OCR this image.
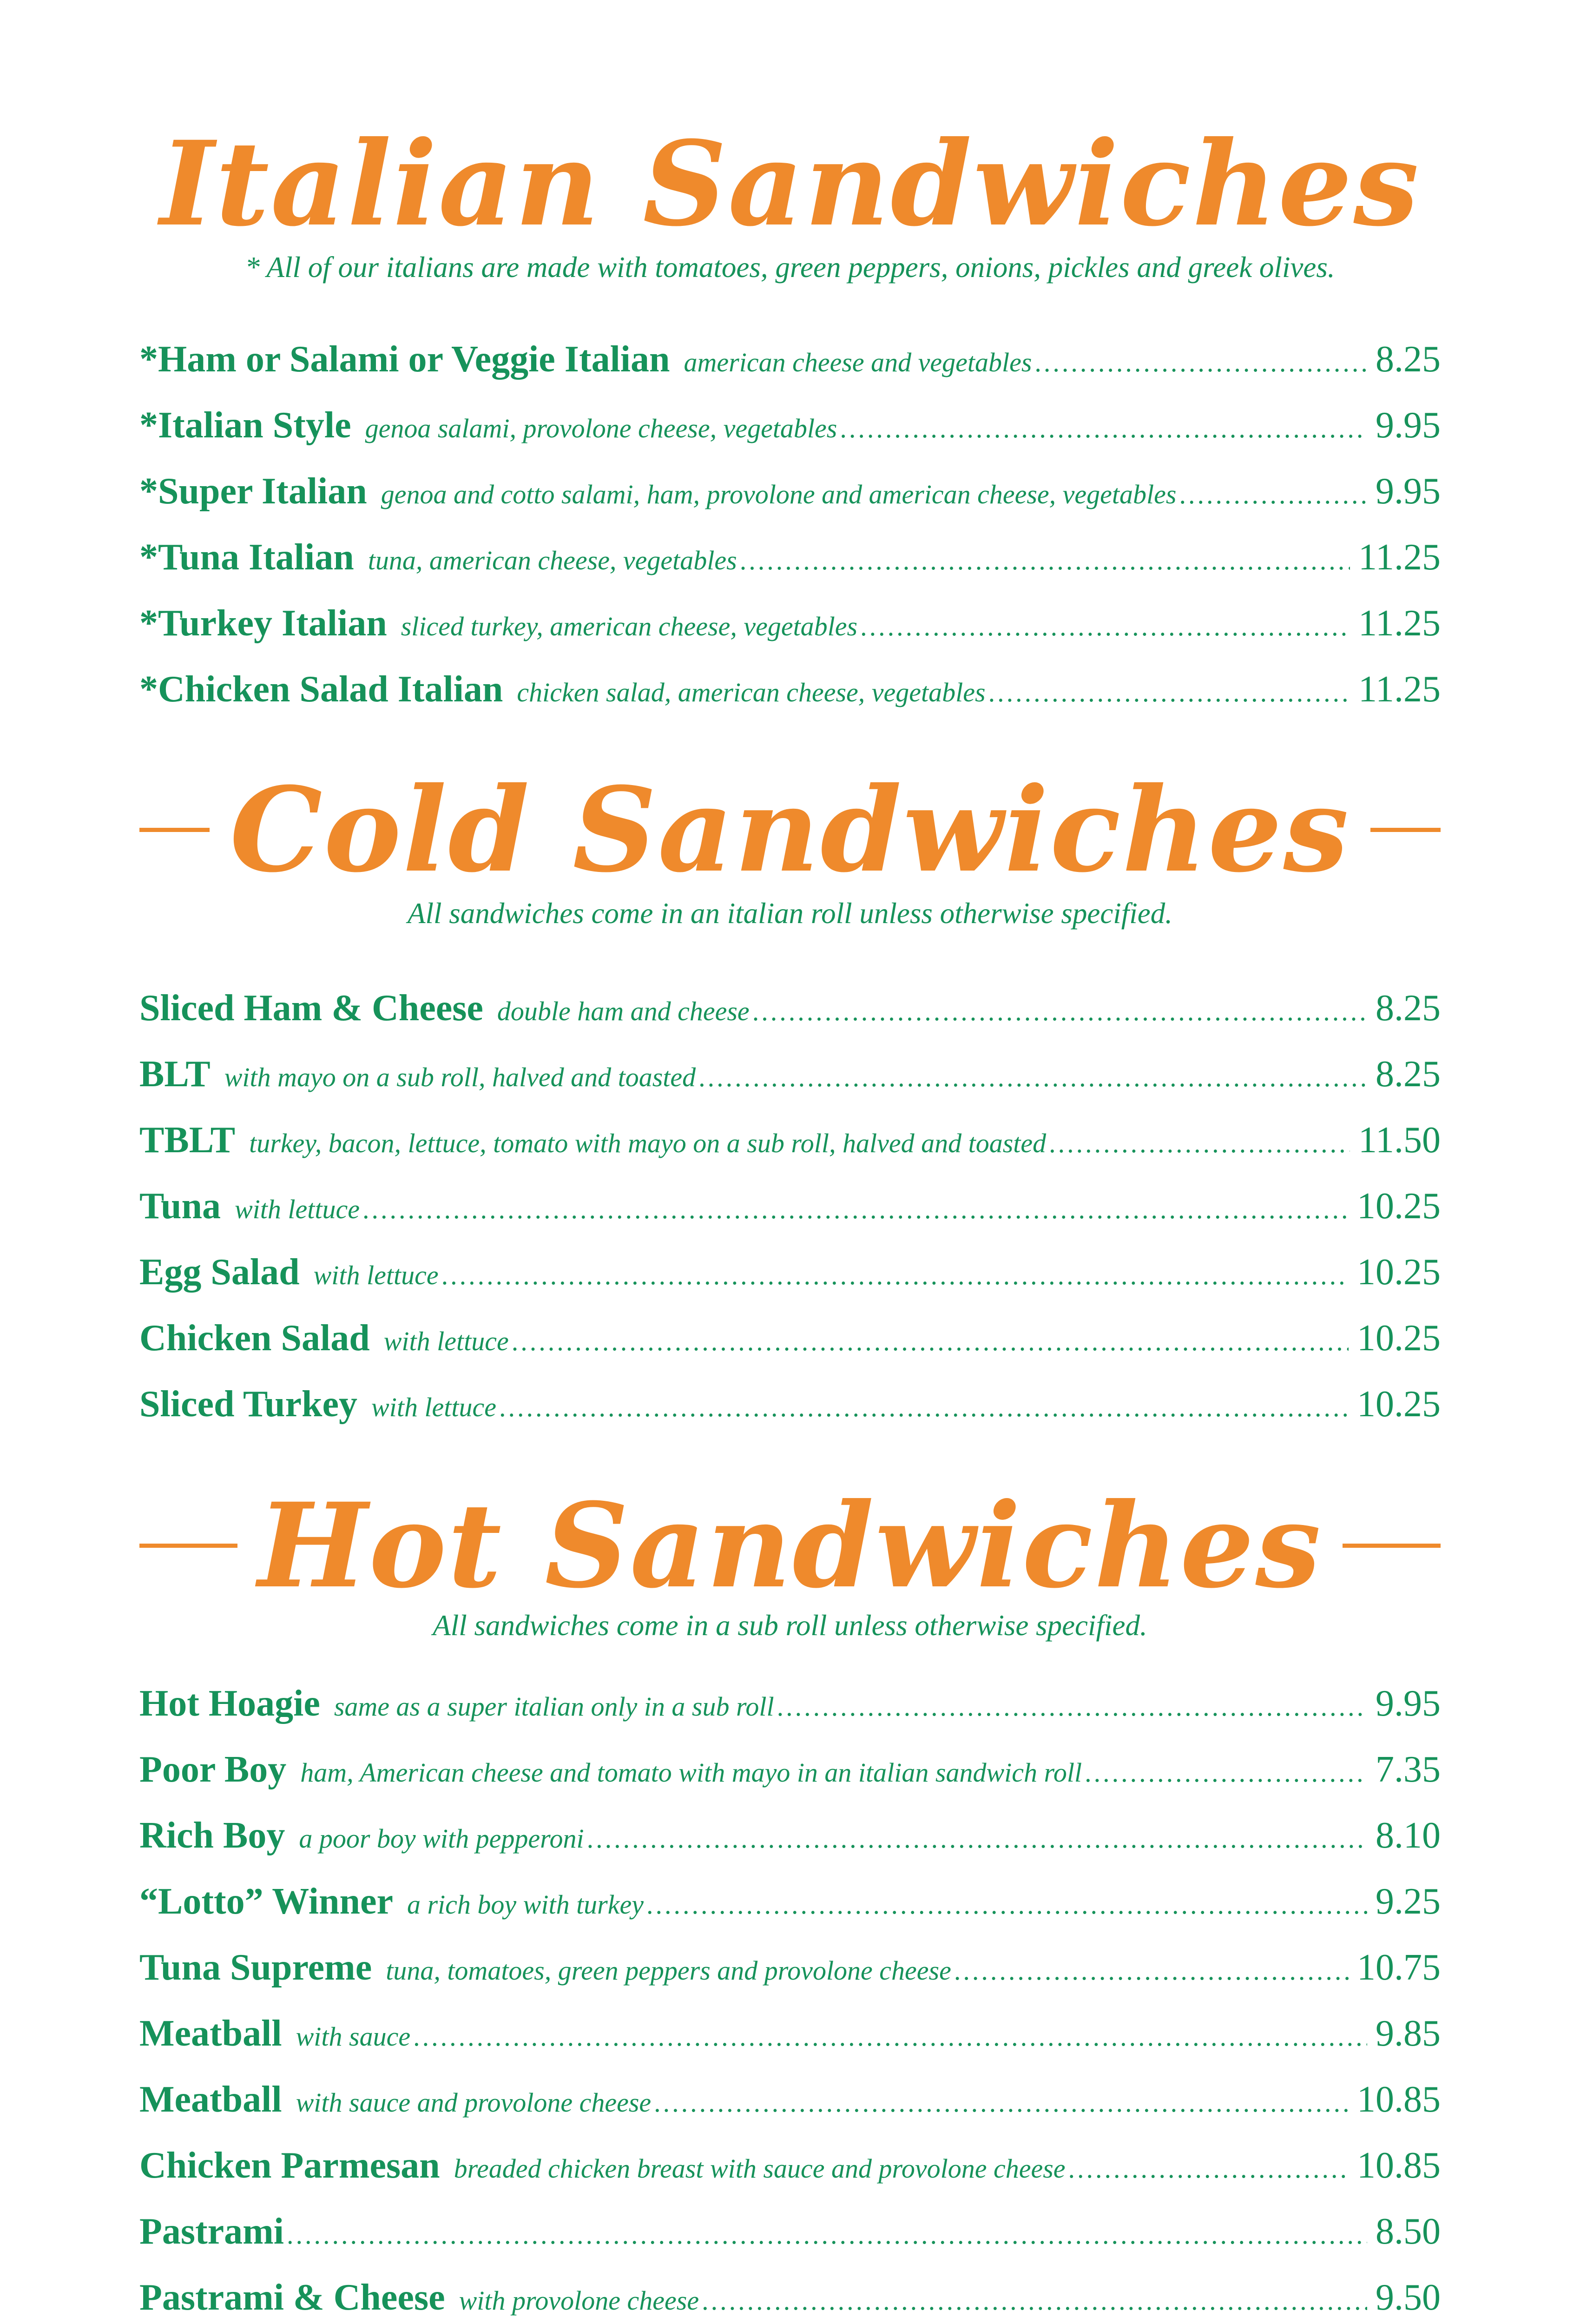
Italian Sandwiches
* All of our italians are made with tomatoes, green peppers, onions, pickles and greek olives.
*Ham or Salami or Veggie Italian american cheese and vegetables .....	8.25
*Italian Style genoa salami, provolone cheese, vegetables .....	9.95
*Super Italian genoa and cotto salami, ham, provolone and american cheese, vegetables .....	9.95
*Tuna Italian tuna, american cheese, vegetables .....	11.25
*Turkey Italian sliced turkey, american cheese, vegetables .....	11.25
*Chicken Salad Italian chicken salad, american cheese, vegetables .....	11.25
Cold Sandwiches
All sandwiches come in an italian roll unless otherwise specified.
Sliced Ham & Cheese double ham and cheese .....	8.25
BLT with mayo on a sub roll, halved and toasted .....	8.25
TBLT turkey, bacon, lettuce, tomato with mayo on a sub roll, halved and toasted .....	11.50
Tuna with lettuce .....	10.25
Egg Salad with lettuce .....	10.25
Chicken Salad with lettuce .....	10.25
Sliced Turkey with lettuce .....	10.25
Hot Sandwiches
All sandwiches come in a sub roll unless otherwise specified.
Hot Hoagie same as a super italian only in a sub roll .....	9.95
Poor Boy ham, American cheese and tomato with mayo in an italian sandwich roll .....	7.35
Rich Boy a poor boy with pepperoni .....	8.10
“Lotto” Winner a rich boy with turkey .....	9.25
Tuna Supreme tuna, tomatoes, green peppers and provolone cheese .....	10.75
Meatball with sauce .....	9.85
Meatball with sauce and provolone cheese .....	10.85
Chicken Parmesan breaded chicken breast with sauce and provolone cheese .....	10.85
Pastrami .....	8.50
Pastrami & Cheese with provolone cheese .....	9.50
